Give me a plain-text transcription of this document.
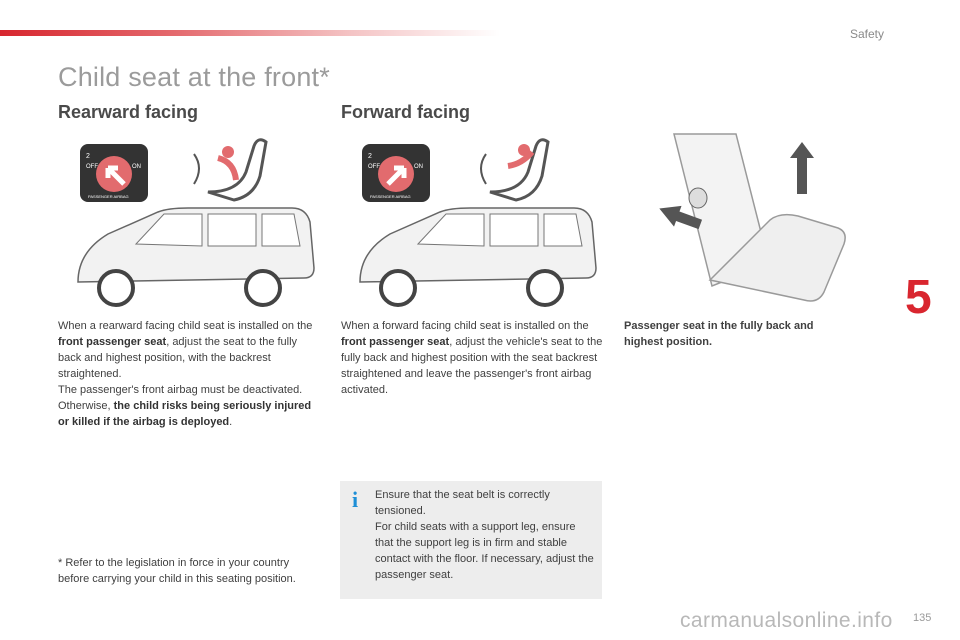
Safety
Child seat at the front*
Rearward facing	Forward facing
2
OFF	ON
PASSENGER AIRBAG
2
OFF	ON
PASSENGER AIRBAG
When a rearward facing child seat is installed on the front passenger seat, adjust the seat to the fully back and highest position, with the backrest straightened.
The passenger's front airbag must be deactivated. Otherwise, the child risks being seriously injured or killed if the airbag is deployed.
When a forward facing child seat is installed on the front passenger seat, adjust the vehicle's seat to the fully back and highest position with the seat backrest straightened and leave the passenger's front airbag activated.
Passenger seat in the fully back and highest position.
i Ensure that the seat belt is correctly tensioned.
For child seats with a support leg, ensure that the support leg is in firm and stable contact with the floor. If necessary, adjust the passenger seat.
5
* Refer to the legislation in force in your country before carrying your child in this seating position.
135
carmanualsonline.info
